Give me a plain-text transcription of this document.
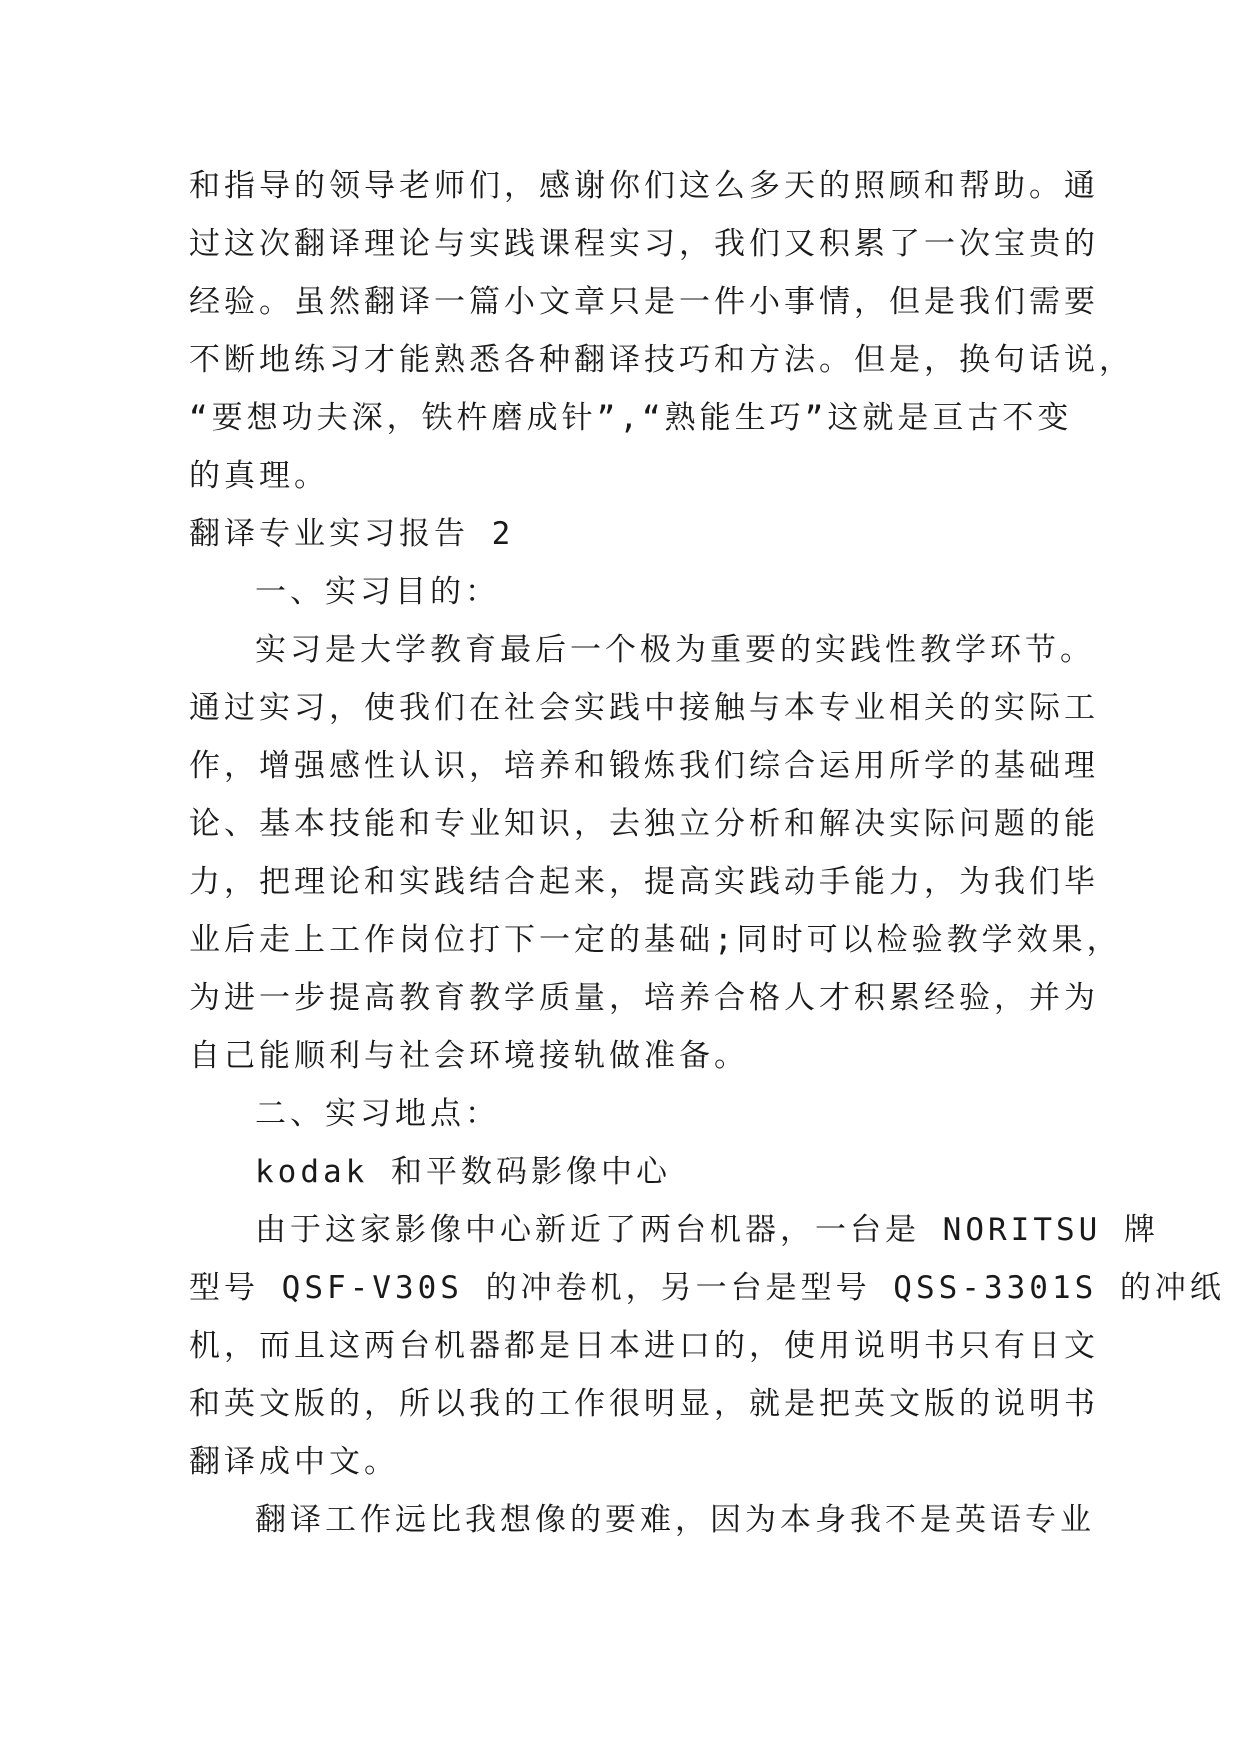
和指导的领导老师们，感谢你们这么多天的照顾和帮助。通
过这次翻译理论与实践课程实习，我们又积累了一次宝贵的
经验。虽然翻译一篇小文章只是一件小事情，但是我们需要
不断地练习才能熟悉各种翻译技巧和方法。但是，换句话说，
“要想功夫深，铁杵磨成针”,“熟能生巧”这就是亘古不变
的真理。
翻译专业实习报告 2
一、实习目的：
实习是大学教育最后一个极为重要的实践性教学环节。
通过实习，使我们在社会实践中接触与本专业相关的实际工
作，增强感性认识，培养和锻炼我们综合运用所学的基础理
论、基本技能和专业知识，去独立分析和解决实际问题的能
力，把理论和实践结合起来，提高实践动手能力，为我们毕
业后走上工作岗位打下一定的基础;同时可以检验教学效果，
为进一步提高教育教学质量，培养合格人才积累经验，并为
自己能顺利与社会环境接轨做准备。
二、实习地点：
kodak 和平数码影像中心
由于这家影像中心新近了两台机器，一台是 NORITSU 牌
型号 QSF-V30S 的冲卷机，另一台是型号 QSS-3301S 的冲纸
机，而且这两台机器都是日本进口的，使用说明书只有日文
和英文版的，所以我的工作很明显，就是把英文版的说明书
翻译成中文。
翻译工作远比我想像的要难，因为本身我不是英语专业
